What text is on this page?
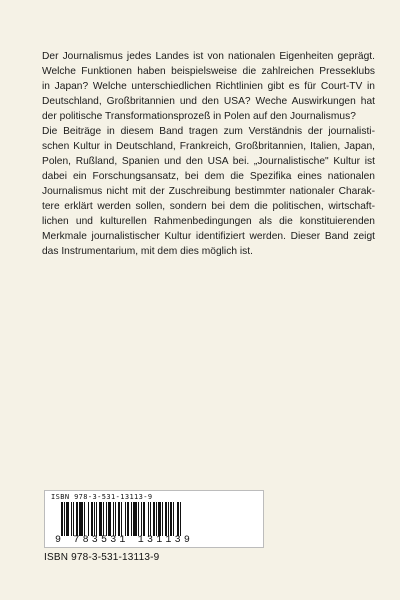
Der Journalismus jedes Landes ist von nationalen Eigenheiten geprägt.
Welche Funktionen haben beispielsweise die zahlreichen Presseklubs
in Japan? Welche unterschiedlichen Richtlinien gibt es für Court-TV in
Deutschland, Großbritannien und den USA? Weche Auswirkungen hat
der politische Transformationsprozeß in Polen auf den Journalismus?
Die Beiträge in diesem Band tragen zum Verständnis der journalisti-
schen Kultur in Deutschland, Frankreich, Großbritannien, Italien, Japan,
Polen, Rußland, Spanien und den USA bei. „Journalistische" Kultur ist
dabei ein Forschungsansatz, bei dem die Spezifika eines nationalen
Journalismus nicht mit der Zuschreibung bestimmter nationaler Charak-
tere erklärt werden sollen, sondern bei dem die politischen, wirtschaft-
lichen und kulturellen Rahmenbedingungen als die konstituierenden
Merkmale journalistischer Kultur identifiziert werden. Dieser Band zeigt
das Instrumentarium, mit dem dies möglich ist.

ISBN 978-3-531-13113-9
9 783531 131139
ISBN 978-3-531-13113-9
